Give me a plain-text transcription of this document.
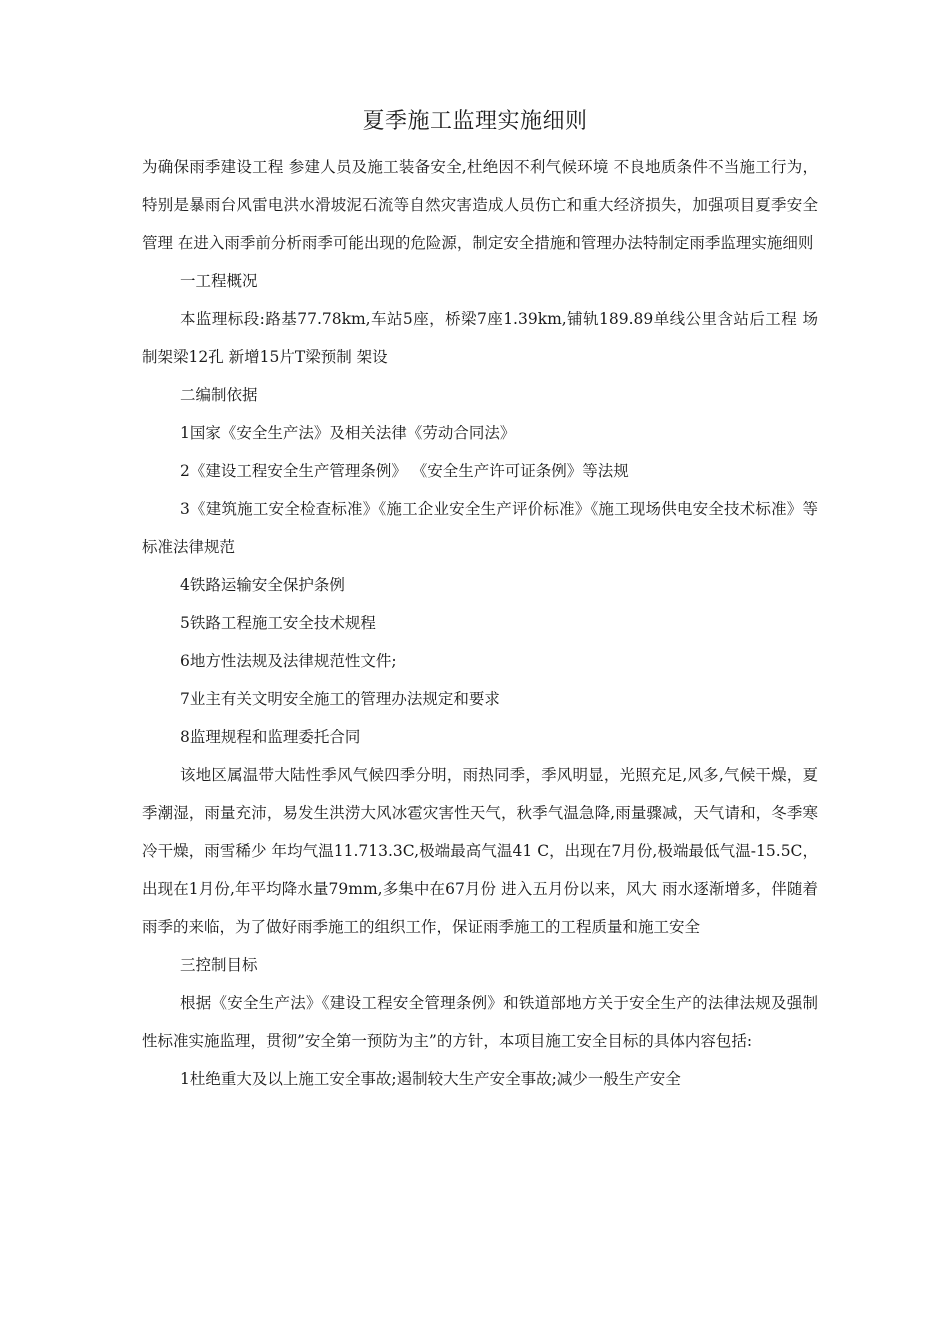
夏季施工监理实施细则

为确保雨季建设工程 参建人员及施工装备安全,杜绝因不利气候环境 不良地质条件不当施工行为，特别是暴雨台风雷电洪水滑坡泥石流等自然灾害造成人员伤亡和重大经济损失，加强项目夏季安全管理 在进入雨季前分析雨季可能出现的危险源，制定安全措施和管理办法特制定雨季监理实施细则

一工程概况

本监理标段:路基77.78km,车站5座，桥梁7座1.39km,铺轨189.89单线公里含站后工程 场制架梁12孔 新增15片T梁预制 架设

二编制依据

1国家《安全生产法》及相关法律《劳动合同法》

2《建设工程安全生产管理条例》 《安全生产许可证条例》等法规

3《建筑施工安全检查标准》《施工企业安全生产评价标准》《施工现场供电安全技术标准》等标准法律规范

4铁路运输安全保护条例

5铁路工程施工安全技术规程

6地方性法规及法律规范性文件;

7业主有关文明安全施工的管理办法规定和要求

8监理规程和监理委托合同

该地区属温带大陆性季风气候四季分明，雨热同季，季风明显，光照充足,风多,气候干燥，夏季潮湿，雨量充沛，易发生洪涝大风冰雹灾害性天气，秋季气温急降,雨量骤减，天气请和，冬季寒冷干燥，雨雪稀少 年均气温11.713.3C,极端最高气温41 C，出现在7月份,极端最低气温-15.5C，出现在1月份,年平均降水量79mm,多集中在67月份 进入五月份以来，风大 雨水逐渐增多，伴随着雨季的来临，为了做好雨季施工的组织工作，保证雨季施工的工程质量和施工安全

三控制目标

根据《安全生产法》《建设工程安全管理条例》和铁道部地方关于安全生产的法律法规及强制性标准实施监理，贯彻”安全第一预防为主”的方针，本项目施工安全目标的具体内容包括:

1杜绝重大及以上施工安全事故;遏制较大生产安全事故;减少一般生产安全
